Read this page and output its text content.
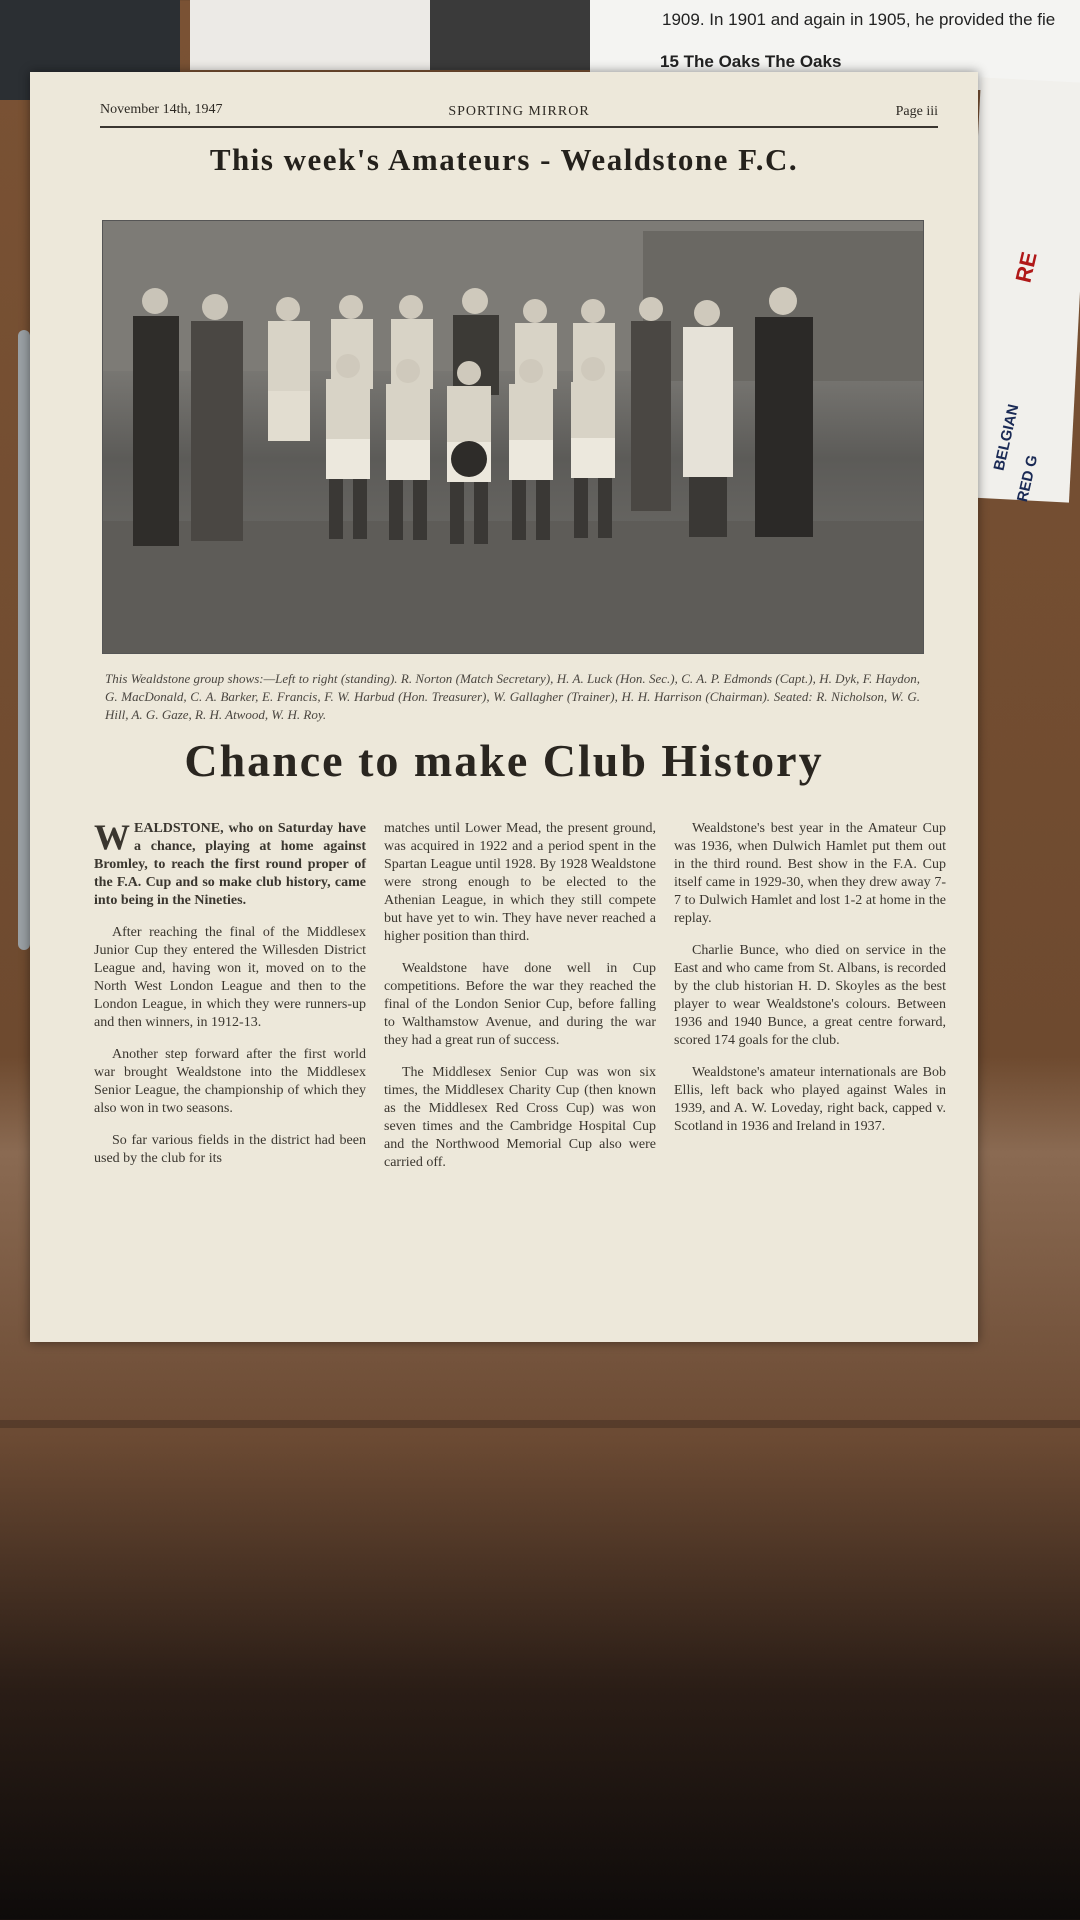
1909. In 1901 and again in 1905, he provided the fie
15 The Oaks The Oaks
RE
BELGIAN
RED G
November 14th, 1947	SPORTING MIRROR	Page iii
This week's Amateurs - Wealdstone F.C.
This Wealdstone group shows:—Left to right (standing). R. Norton (Match Secretary), H. A. Luck (Hon. Sec.), C. A. P. Edmonds (Capt.), H. Dyk, F. Haydon, G. MacDonald, C. A. Barker, E. Francis, F. W. Harbud (Hon. Treasurer), W. Gallagher (Trainer), H. H. Harrison (Chairman). Seated: R. Nicholson, W. G. Hill, A. G. Gaze, R. H. Atwood, W. H. Roy.
Chance to make Club History

WEALDSTONE, who on Saturday have a chance, playing at home against Bromley, to reach the first round proper of the F.A. Cup and so make club history, came into being in the Nineties.

After reaching the final of the Middlesex Junior Cup they entered the Willesden District League and, having won it, moved on to the North West London League and then to the London League, in which they were runners-up and then winners, in 1912-13.

Another step forward after the first world war brought Wealdstone into the Middlesex Senior League, the championship of which they also won in two seasons.

So far various fields in the district had been used by the club for its

matches until Lower Mead, the present ground, was acquired in 1922 and a period spent in the Spartan League until 1928. By 1928 Wealdstone were strong enough to be elected to the Athenian League, in which they still compete but have yet to win. They have never reached a higher position than third.

Wealdstone have done well in Cup competitions. Before the war they reached the final of the London Senior Cup, before falling to Walthamstow Avenue, and during the war they had a great run of success.

The Middlesex Senior Cup was won six times, the Middlesex Charity Cup (then known as the Middlesex Red Cross Cup) was won seven times and the Cambridge Hospital Cup and the Northwood Memorial Cup also were carried off.

Wealdstone's best year in the Amateur Cup was 1936, when Dulwich Hamlet put them out in the third round. Best show in the F.A. Cup itself came in 1929-30, when they drew away 7-7 to Dulwich Hamlet and lost 1-2 at home in the replay.

Charlie Bunce, who died on service in the East and who came from St. Albans, is recorded by the club historian H. D. Skoyles as the best player to wear Wealdstone's colours. Between 1936 and 1940 Bunce, a great centre forward, scored 174 goals for the club.

Wealdstone's amateur internationals are Bob Ellis, left back who played against Wales in 1939, and A. W. Loveday, right back, capped v. Scotland in 1936 and Ireland in 1937.
